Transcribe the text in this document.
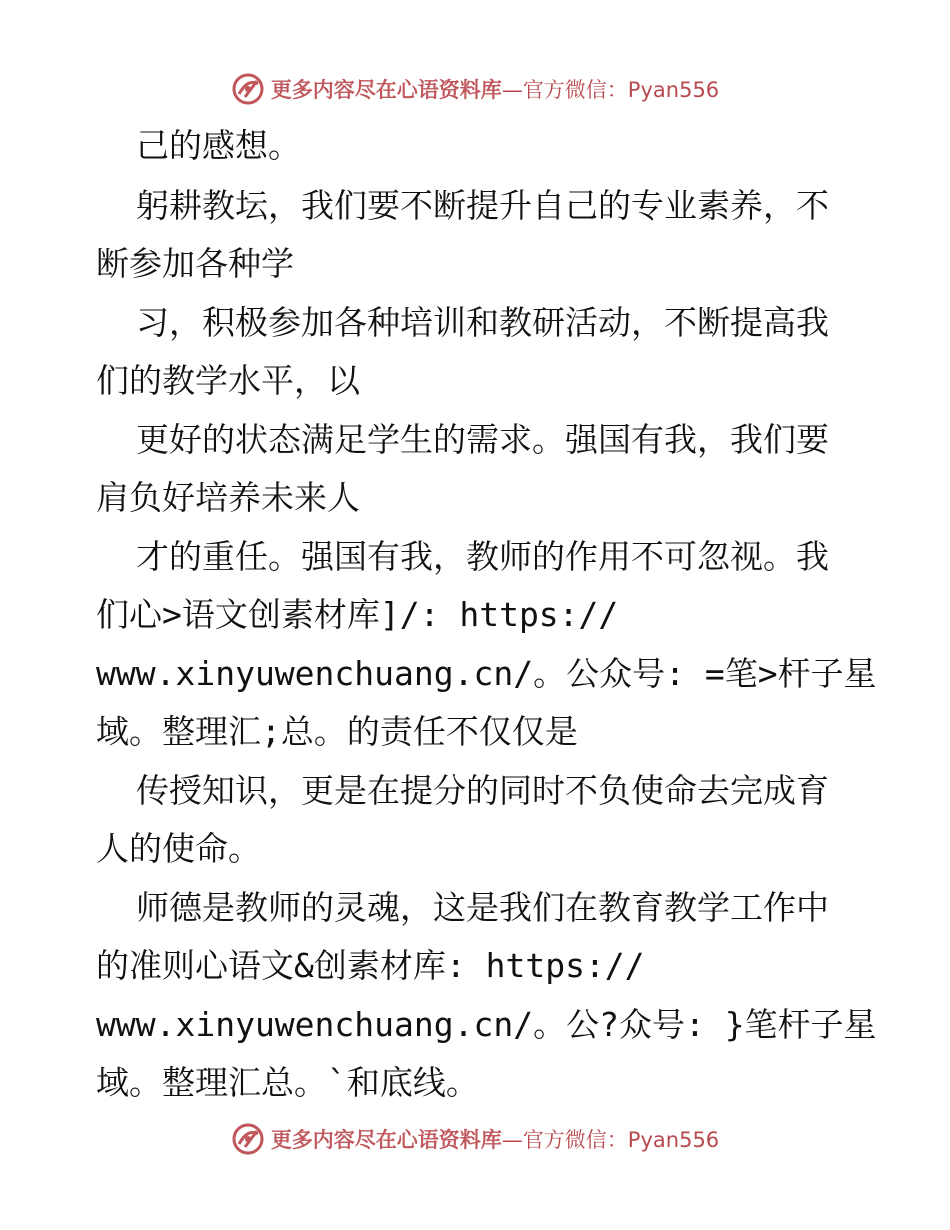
更多内容尽在心语资料库 —官方微信：Pyan556
己的感想。
躬耕教坛，我们要不断提升自己的专业素养，不
断参加各种学
习，积极参加各种培训和教研活动，不断提高我
们的教学水平，以
更好的状态满足学生的需求。强国有我，我们要
肩负好培养未来人
才的重任。强国有我，教师的作用不可忽视。我
们心>语文创素材库]/: https://
www.xinyuwenchuang.cn/。公众号: =笔>杆子星
域。整理汇;总。的责任不仅仅是
传授知识，更是在提分的同时不负使命去完成育
人的使命。
师德是教师的灵魂，这是我们在教育教学工作中
的准则心语文&创素材库: https://
www.xinyuwenchuang.cn/。公?众号: }笔杆子星
域。整理汇总。`和底线。
更多内容尽在心语资料库 —官方微信：Pyan556
